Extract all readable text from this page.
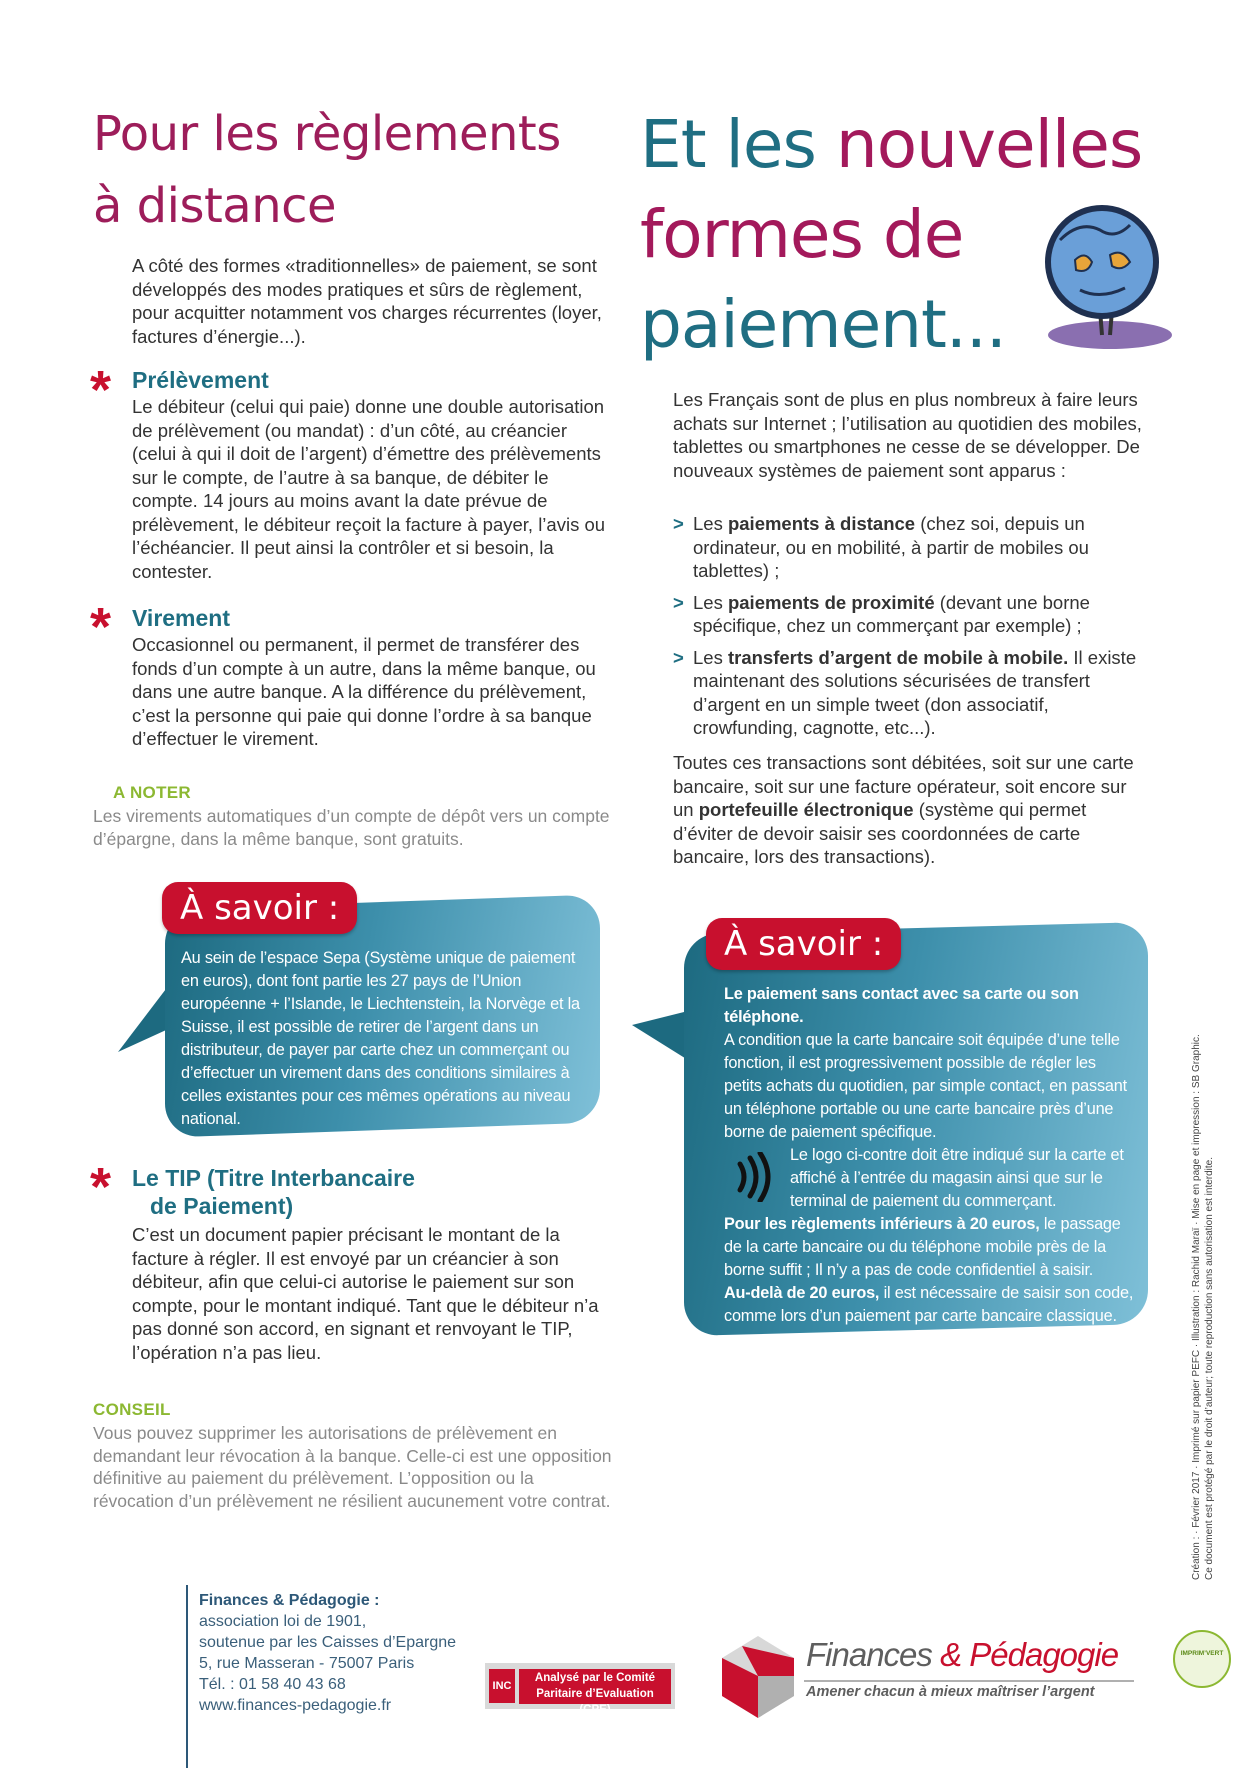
Pour les règlements
à distance
A côté des formes «traditionnelles» de paiement, se sont développés des modes pratiques et sûrs de règlement, pour acquitter notamment vos charges récurrentes (loyer, factures d’énergie...).
* Prélèvement
Le débiteur (celui qui paie) donne une double autorisation de prélèvement (ou mandat) : d’un côté, au créancier (celui à qui il doit de l’argent) d’émettre des prélèvements sur le compte, de l’autre à sa banque, de débiter le compte. 14 jours au moins avant la date prévue de prélèvement, le débiteur reçoit la facture à payer, l’avis ou l’échéancier. Il peut ainsi la contrôler et si besoin, la contester.
* Virement
Occasionnel ou permanent, il permet de transférer des fonds d’un compte à un autre, dans la même banque, ou dans une autre banque. A la différence du prélèvement, c’est la personne qui paie qui donne l’ordre à sa banque d’effectuer le virement.
A NOTER
Les virements automatiques d’un compte de dépôt vers un compte d’épargne, dans la même banque, sont gratuits.
À savoir :
Au sein de l’espace Sepa (Système unique de paiement en euros), dont font partie les 27 pays de l’Union européenne + l’Islande, le Liechtenstein, la Norvège et la Suisse, il est possible de retirer de l’argent dans un distributeur, de payer par carte chez un commerçant ou d’effectuer un virement dans des conditions similaires à celles existantes pour ces mêmes opérations au niveau national.
* Le TIP (Titre Interbancaire
de Paiement)
C’est un document papier précisant le montant de la facture à régler. Il est envoyé par un créancier à son débiteur, afin que celui-ci autorise le paiement sur son compte, pour le montant indiqué. Tant que le débiteur n’a pas donné son accord, en signant et renvoyant le TIP, l’opération n’a pas lieu.
CONSEIL
Vous pouvez supprimer les autorisations de prélèvement en demandant leur révocation à la banque. Celle-ci est une opposition définitive au paiement du prélèvement. L’opposition ou la révocation d’un prélèvement ne résilient aucunement votre contrat.
Et les nouvelles
formes de
paiement...
Les Français sont de plus en plus nombreux à faire leurs achats sur Internet ; l’utilisation au quotidien des mobiles, tablettes ou smartphones ne cesse de se développer. De nouveaux systèmes de paiement sont apparus :
> Les paiements à distance (chez soi, depuis un ordinateur, ou en mobilité, à partir de mobiles ou tablettes) ;
> Les paiements de proximité (devant une borne spécifique, chez un commerçant par exemple) ;
> Les transferts d’argent de mobile à mobile. Il existe maintenant des solutions sécurisées de transfert d’argent en un simple tweet (don associatif, crowfunding, cagnotte, etc...).
Toutes ces transactions sont débitées, soit sur une carte bancaire, soit sur une facture opérateur, soit encore sur un portefeuille électronique (système qui permet d’éviter de devoir saisir ses coordonnées de carte bancaire, lors des transactions).
À savoir :
Le paiement sans contact avec sa carte ou son téléphone.
A condition que la carte bancaire soit équipée d’une telle fonction, il est progressivement possible de régler les petits achats du quotidien, par simple contact, en passant un téléphone portable ou une carte bancaire près d’une borne de paiement spécifique.
Le logo ci-contre doit être indiqué sur la carte et affiché à l’entrée du magasin ainsi que sur le terminal de paiement du commerçant.
Pour les règlements inférieurs à 20 euros, le passage de la carte bancaire ou du téléphone mobile près de la borne suffit ; Il n’y a pas de code confidentiel à saisir.
Au-delà de 20 euros, il est nécessaire de saisir son code, comme lors d’un paiement par carte bancaire classique.	Création : · Février 2017 · Imprimé sur papier PEFC · Illustration : Rachid Maraï · Mise en page et impression : SB Graphic. Ce document est protégé par le droit d’auteur; toute reproduction sans autorisation est interdite.
Finances & Pédagogie :
association loi de 1901,
soutenue par les Caisses d’Epargne
5, rue Masseran - 75007 Paris
Tél. : 01 58 40 43 68
www.finances-pedagogie.fr
INC
Analysé par le Comité
Paritaire d’Evaluation (CPE)
Finances & Pédagogie
Amener chacun à mieux maîtriser l’argent
IMPRIM’VERT
